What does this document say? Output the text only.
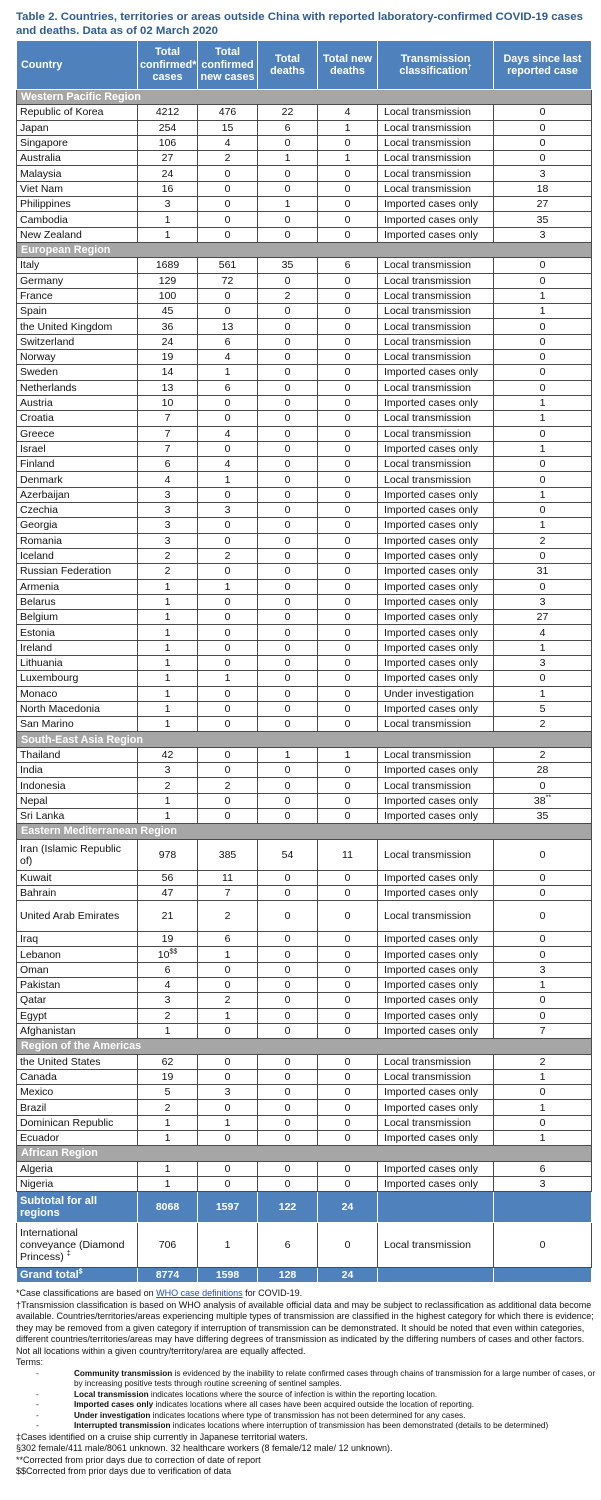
Table 2. Countries, territories or areas outside China with reported laboratory-confirmed COVID-19 cases and deaths. Data as of 02 March 2020
Country	Total confirmed* cases	Total confirmed new cases	Total deaths	Total new deaths	Transmission classification†	Days since last reported case
Western Pacific Region						
Republic of Korea	4212	476	22	4	Local transmission	0
Japan	254	15	6	1	Local transmission	0
Singapore	106	4	0	0	Local transmission	0
Australia	27	2	1	1	Local transmission	0
Malaysia	24	0	0	0	Local transmission	3
Viet Nam	16	0	0	0	Local transmission	18
Philippines	3	0	1	0	Imported cases only	27
Cambodia	1	0	0	0	Imported cases only	35
New Zealand	1	0	0	0	Imported cases only	3
European Region						
Italy	1689	561	35	6	Local transmission	0
Germany	129	72	0	0	Local transmission	0
France	100	0	2	0	Local transmission	1
Spain	45	0	0	0	Local transmission	1
the United Kingdom	36	13	0	0	Local transmission	0
Switzerland	24	6	0	0	Local transmission	0
Norway	19	4	0	0	Local transmission	0
Sweden	14	1	0	0	Imported cases only	0
Netherlands	13	6	0	0	Local transmission	0
Austria	10	0	0	0	Imported cases only	1
Croatia	7	0	0	0	Local transmission	1
Greece	7	4	0	0	Local transmission	0
Israel	7	0	0	0	Imported cases only	1
Finland	6	4	0	0	Local transmission	0
Denmark	4	1	0	0	Local transmission	0
Azerbaijan	3	0	0	0	Imported cases only	1
Czechia	3	3	0	0	Imported cases only	0
Georgia	3	0	0	0	Imported cases only	1
Romania	3	0	0	0	Imported cases only	2
Iceland	2	2	0	0	Imported cases only	0
Russian Federation	2	0	0	0	Imported cases only	31
Armenia	1	1	0	0	Imported cases only	0
Belarus	1	0	0	0	Imported cases only	3
Belgium	1	0	0	0	Imported cases only	27
Estonia	1	0	0	0	Imported cases only	4
Ireland	1	0	0	0	Imported cases only	1
Lithuania	1	0	0	0	Imported cases only	3
Luxembourg	1	1	0	0	Imported cases only	0
Monaco	1	0	0	0	Under investigation	1
North Macedonia	1	0	0	0	Imported cases only	5
San Marino	1	0	0	0	Local transmission	2
South-East Asia Region						
Thailand	42	0	1	1	Local transmission	2
India	3	0	0	0	Imported cases only	28
Indonesia	2	2	0	0	Local transmission	0
Nepal	1	0	0	0	Imported cases only	38**
Sri Lanka	1	0	0	0	Imported cases only	35
Eastern Mediterranean Region						
Iran (Islamic Republic of)	978	385	54	11	Local transmission	0
Kuwait	56	11	0	0	Imported cases only	0
Bahrain	47	7	0	0	Imported cases only	0
United Arab Emirates	21	2	0	0	Local transmission	0
Iraq	19	6	0	0	Imported cases only	0
Lebanon	10$$	1	0	0	Imported cases only	0
Oman	6	0	0	0	Imported cases only	3
Pakistan	4	0	0	0	Imported cases only	1
Qatar	3	2	0	0	Imported cases only	0
Egypt	2	1	0	0	Imported cases only	0
Afghanistan	1	0	0	0	Imported cases only	7
Region of the Americas						
the United States	62	0	0	0	Local transmission	2
Canada	19	0	0	0	Local transmission	1
Mexico	5	3	0	0	Imported cases only	0
Brazil	2	0	0	0	Imported cases only	1
Dominican Republic	1	1	0	0	Local transmission	0
Ecuador	1	0	0	0	Imported cases only	1
African Region						
Algeria	1	0	0	0	Imported cases only	6
Nigeria	1	0	0	0	Imported cases only	3
Subtotal for all regions	8068	1597	122	24		
International conveyance (Diamond Princess) ‡	706	1	6	0	Local transmission	0
Grand total$	8774	1598	128	24		

*Case classifications are based on WHO case definitions for COVID-19.

†Transmission classification is based on WHO analysis of available official data and may be subject to reclassification as additional data become available. Countries/territories/areas experiencing multiple types of transmission are classified in the highest category for which there is evidence; they may be removed from a given category if interruption of transmission can be demonstrated. It should be noted that even within categories, different countries/territories/areas may have differing degrees of transmission as indicated by the differing numbers of cases and other factors. Not all locations within a given country/territory/area are equally affected.

Terms:

-	Community transmission is evidenced by the inability to relate confirmed cases through chains of transmission for a large number of cases, or by increasing positive tests through routine screening of sentinel samples.
-	Local transmission indicates locations where the source of infection is within the reporting location.
-	Imported cases only indicates locations where all cases have been acquired outside the location of reporting.
-	Under investigation indicates locations where type of transmission has not been determined for any cases.
-	Interrupted transmission indicates locations where interruption of transmission has been demonstrated (details to be determined)

‡Cases identified on a cruise ship currently in Japanese territorial waters.

§302 female/411 male/8061 unknown. 32 healthcare workers (8 female/12 male/ 12 unknown).

**Corrected from prior days due to correction of date of report

$$Corrected from prior days due to verification of data
